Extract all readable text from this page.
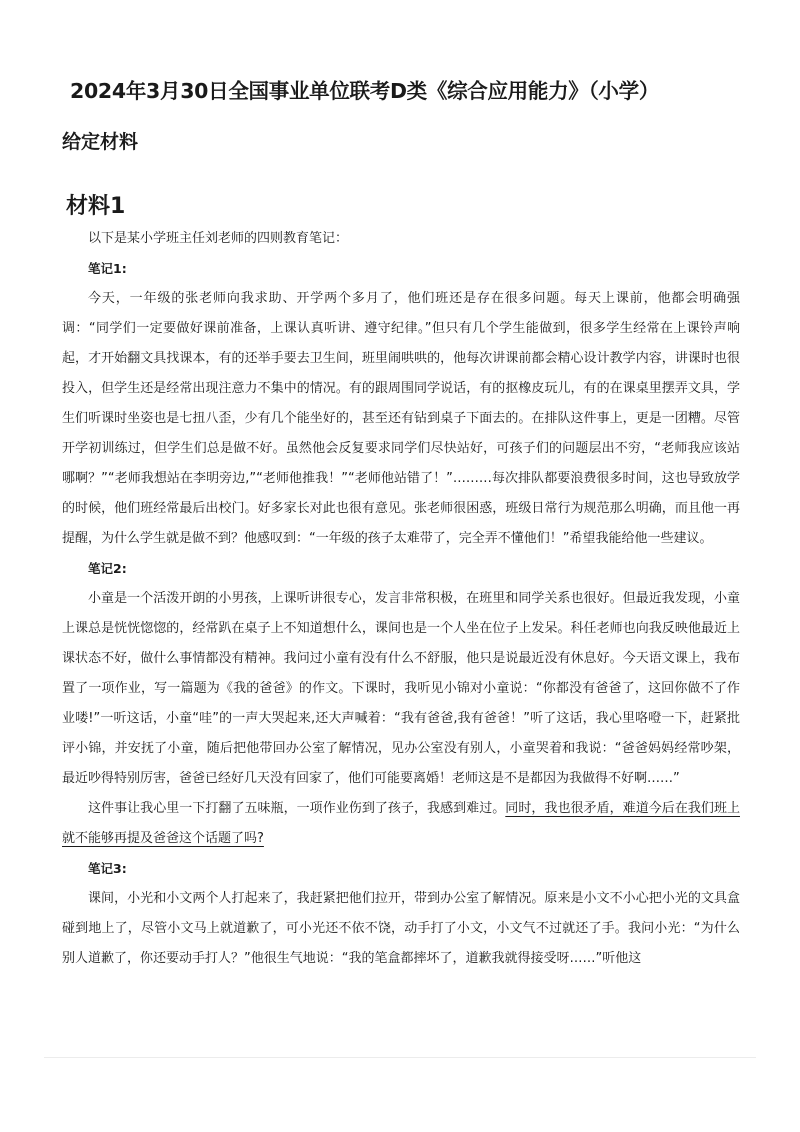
2024年3月30日全国事业单位联考D类《综合应用能力》（小学）
给定材料
材料1

以下是某小学班主任刘老师的四则教育笔记：

笔记1:

今天，一年级的张老师向我求助、开学两个多月了，他们班还是存在很多问题。每天上课前，他都会明确强调：“同学们一定要做好课前准备，上课认真听讲、遵守纪律。”但只有几个学生能做到，很多学生经常在上课铃声响起，才开始翻文具找课本，有的还举手要去卫生间，班里闹哄哄的，他每次讲课前都会精心设计教学内容，讲课时也很投入，但学生还是经常出现注意力不集中的情况。有的跟周围同学说话，有的抠橡皮玩儿，有的在课桌里摆弄文具，学生们听课时坐姿也是七扭八歪，少有几个能坐好的，甚至还有钻到桌子下面去的。在排队这件事上，更是一团糟。尽管开学初训练过，但学生们总是做不好。虽然他会反复要求同学们尽快站好，可孩子们的问题层出不穷，“老师我应该站哪啊？”“老师我想站在李明旁边,”“老师他推我！”“老师他站错了！”………每次排队都要浪费很多时间，这也导致放学的时候，他们班经常最后出校门。好多家长对此也很有意见。张老师很困惑，班级日常行为规范那么明确，而且他一再提醒，为什么学生就是做不到？他感叹到：“一年级的孩子太难带了，完全弄不懂他们！”希望我能给他一些建议。

笔记2:

小童是一个活泼开朗的小男孩，上课听讲很专心，发言非常积极，在班里和同学关系也很好。但最近我发现，小童上课总是恍恍惚惚的，经常趴在桌子上不知道想什么，课间也是一个人坐在位子上发呆。科任老师也向我反映他最近上课状态不好，做什么事情都没有精神。我问过小童有没有什么不舒服，他只是说最近没有休息好。今天语文课上，我布置了一项作业，写一篇题为《我的爸爸》的作文。下课时，我听见小锦对小童说：“你都没有爸爸了，这回你做不了作业喽!”一听这话，小童“哇”的一声大哭起来,还大声喊着：“我有爸爸,我有爸爸！”听了这话，我心里咯噔一下，赶紧批评小锦，并安抚了小童，随后把他带回办公室了解情况，见办公室没有别人，小童哭着和我说：“爸爸妈妈经常吵架，最近吵得特别厉害，爸爸已经好几天没有回家了，他们可能要离婚！老师这是不是都因为我做得不好啊……”

这件事让我心里一下打翻了五味瓶，一项作业伤到了孩子，我感到难过。同时，我也很矛盾，难道今后在我们班上就不能够再提及爸爸这个话题了吗?

笔记3:

课间，小光和小文两个人打起来了，我赶紧把他们拉开，带到办公室了解情况。原来是小文不小心把小光的文具盒碰到地上了，尽管小文马上就道歉了，可小光还不依不饶，动手打了小文，小文气不过就还了手。我问小光：“为什么别人道歉了，你还要动手打人？”他很生气地说：“我的笔盒都摔坏了，道歉我就得接受呀……”听他这
